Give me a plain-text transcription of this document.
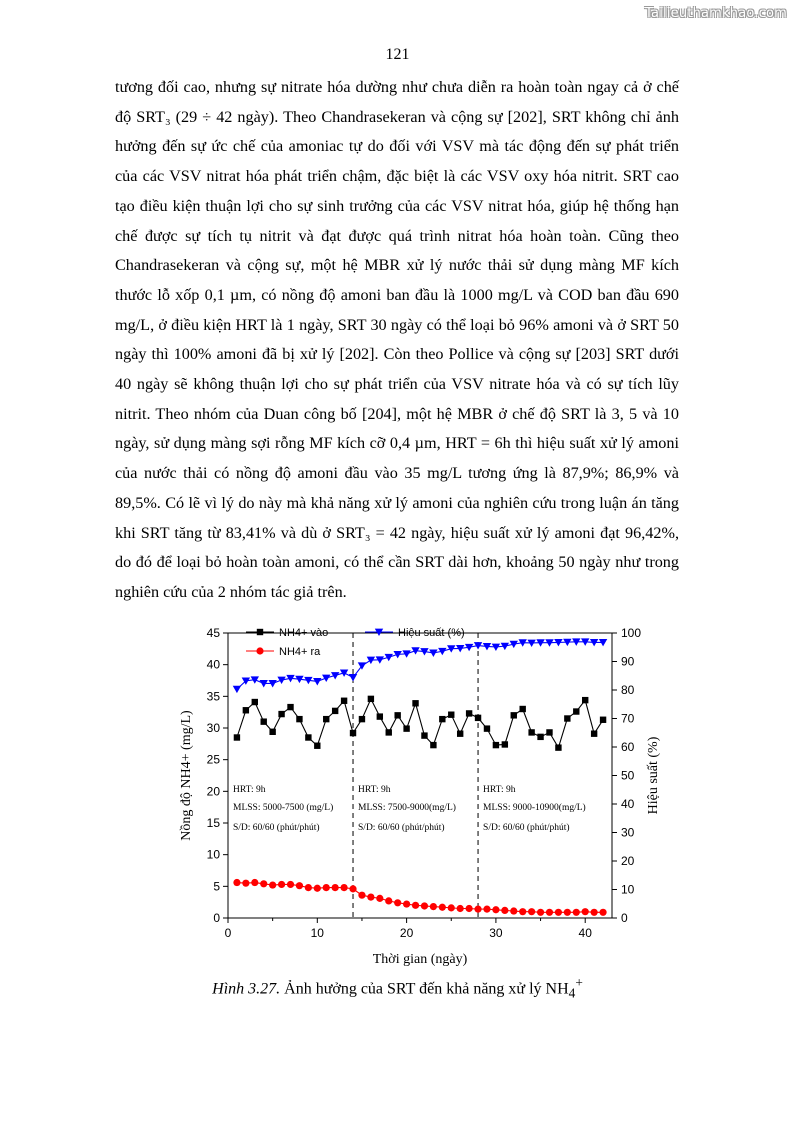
Tailieuthamkhao.com
121

tương đối cao, nhưng sự nitrate hóa dường như chưa diễn ra hoàn toàn ngay cả ở chế độ SRT₃ (29 ÷ 42 ngày). Theo Chandrasekeran và cộng sự [202], SRT không chỉ ảnh hưởng đến sự ức chế của amoniac tự do đối với VSV mà tác động đến sự phát triển của các VSV nitrat hóa phát triển chậm, đặc biệt là các VSV oxy hóa nitrit. SRT cao tạo điều kiện thuận lợi cho sự sinh trưởng của các VSV nitrat hóa, giúp hệ thống hạn chế được sự tích tụ nitrit và đạt được quá trình nitrat hóa hoàn toàn. Cũng theo Chandrasekeran và cộng sự, một hệ MBR xử lý nước thải sử dụng màng MF kích thước lỗ xốp 0,1 µm, có nồng độ amoni ban đầu là 1000 mg/L và COD ban đầu 690 mg/L, ở điều kiện HRT là 1 ngày, SRT 30 ngày có thể loại bỏ 96% amoni và ở SRT 50 ngày thì 100% amoni đã bị xử lý [202]. Còn theo Pollice và cộng sự [203] SRT dưới 40 ngày sẽ không thuận lợi cho sự phát triển của VSV nitrate hóa và có sự tích lũy nitrit. Theo nhóm của Duan công bố [204], một hệ MBR ở chế độ SRT là 3, 5 và 10 ngày, sử dụng màng sợi rỗng MF kích cỡ 0,4 µm, HRT = 6h thì hiệu suất xử lý amoni của nước thải có nồng độ amoni đầu vào 35 mg/L tương ứng là 87,9%; 86,9% và 89,5%. Có lẽ vì lý do này mà khả năng xử lý amoni của nghiên cứu trong luận án tăng khi SRT tăng từ 83,41% và dù ở SRT₃ = 42 ngày, hiệu suất xử lý amoni đạt 96,42%, do đó để loại bỏ hoàn toàn amoni, có thể cần SRT dài hơn, khoảng 50 ngày như trong nghiên cứu của 2 nhóm tác giả trên.

0	10	20	30	40
0
5
10
15
20
25
30
35
40
45
0
10
20
30
40
50
60
70
80
90
100
Thời gian (ngày)
Nồng độ NH4+ (mg/L)	Hiệu suất (%)
HRT: 9h
MLSS: 5000-7500 (mg/L)
S/D: 60/60 (phút/phút)
HRT: 9h
MLSS: 7500-9000(mg/L)
S/D: 60/60 (phút/phút)
HRT: 9h
MLSS: 9000-10900(mg/L)
S/D: 60/60 (phút/phút)
NH4+ vào	Hiệu suất (%)
NH4+ ra
Hình 3.27. Ảnh hưởng của SRT đến khả năng xử lý $NH_4^+$
